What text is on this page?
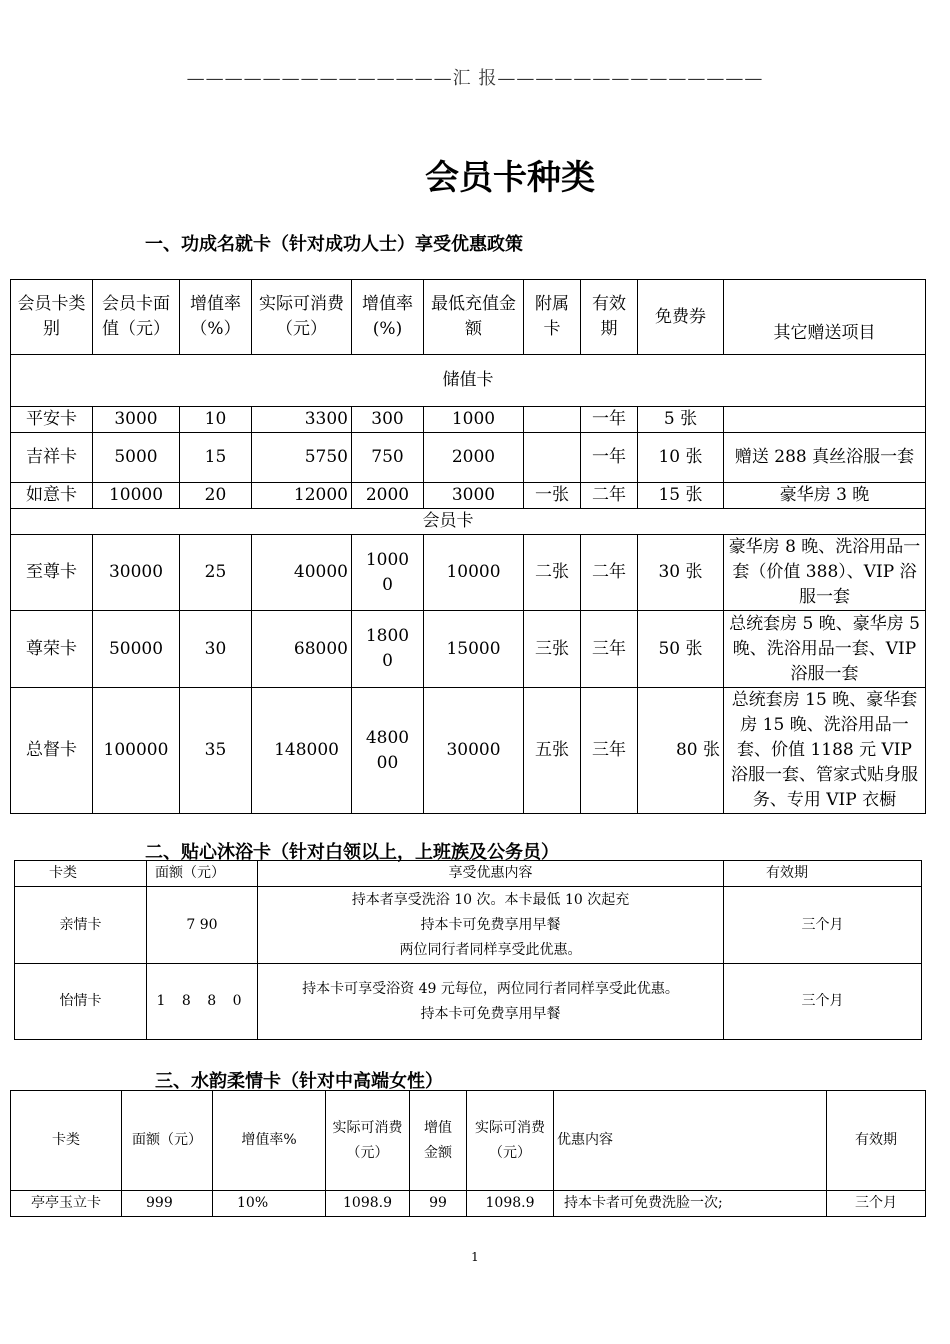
——————————————汇 报——————————————
会员卡种类
一、功成名就卡（针对成功人士）享受优惠政策
会员卡类别	会员卡面值（元）	增值率（%）	实际可消费（元）	增值率(%)	最低充值金额	附属卡	有效期	免费券	其它赠送项目
储值卡									
平安卡	3000	10	3300	300	1000		一年	5 张	
吉祥卡	5000	15	5750	750	2000		一年	10 张	赠送 288 真丝浴服一套
如意卡	10000	20	12000	2000	3000	一张	二年	15 张	豪华房 3 晚
会员卡									
至尊卡	30000	25	40000	10000	10000	二张	二年	30 张	豪华房 8 晚、洗浴用品一套（价值 388）、VIP 浴服一套
尊荣卡	50000	30	68000	18000	15000	三张	三年	50 张	总统套房 5 晚、豪华房 5 晚、洗浴用品一套、VIP 浴服一套
总督卡	100000	35	148000	480000	30000	五张	三年	80 张	总统套房 15 晚、豪华套房 15 晚、洗浴用品一套、价值 1188 元 VIP 浴服一套、管家式贴身服务、专用 VIP 衣橱
二、贴心沐浴卡（针对白领以上，上班族及公务员）
卡类	面额（元）	享受优惠内容	有效期
亲情卡	7 90	持本者享受洗浴 10 次。本卡最低 10 次起充
持本卡可免费享用早餐
两位同行者同样享受此优惠。	三个月
怡情卡	1 8 8 0	持本卡可享受浴资 49 元每位，两位同行者同样享受此优惠。
持本卡可免费享用早餐	三个月
三、水韵柔情卡（针对中高端女性）
卡类	面额（元）	增值率%	实际可消费（元）	增值金额	实际可消费（元）	优惠内容	有效期
亭亭玉立卡	999	10%	1098.9	99	1098.9	持本卡者可免费洗脸一次;	三个月
1
